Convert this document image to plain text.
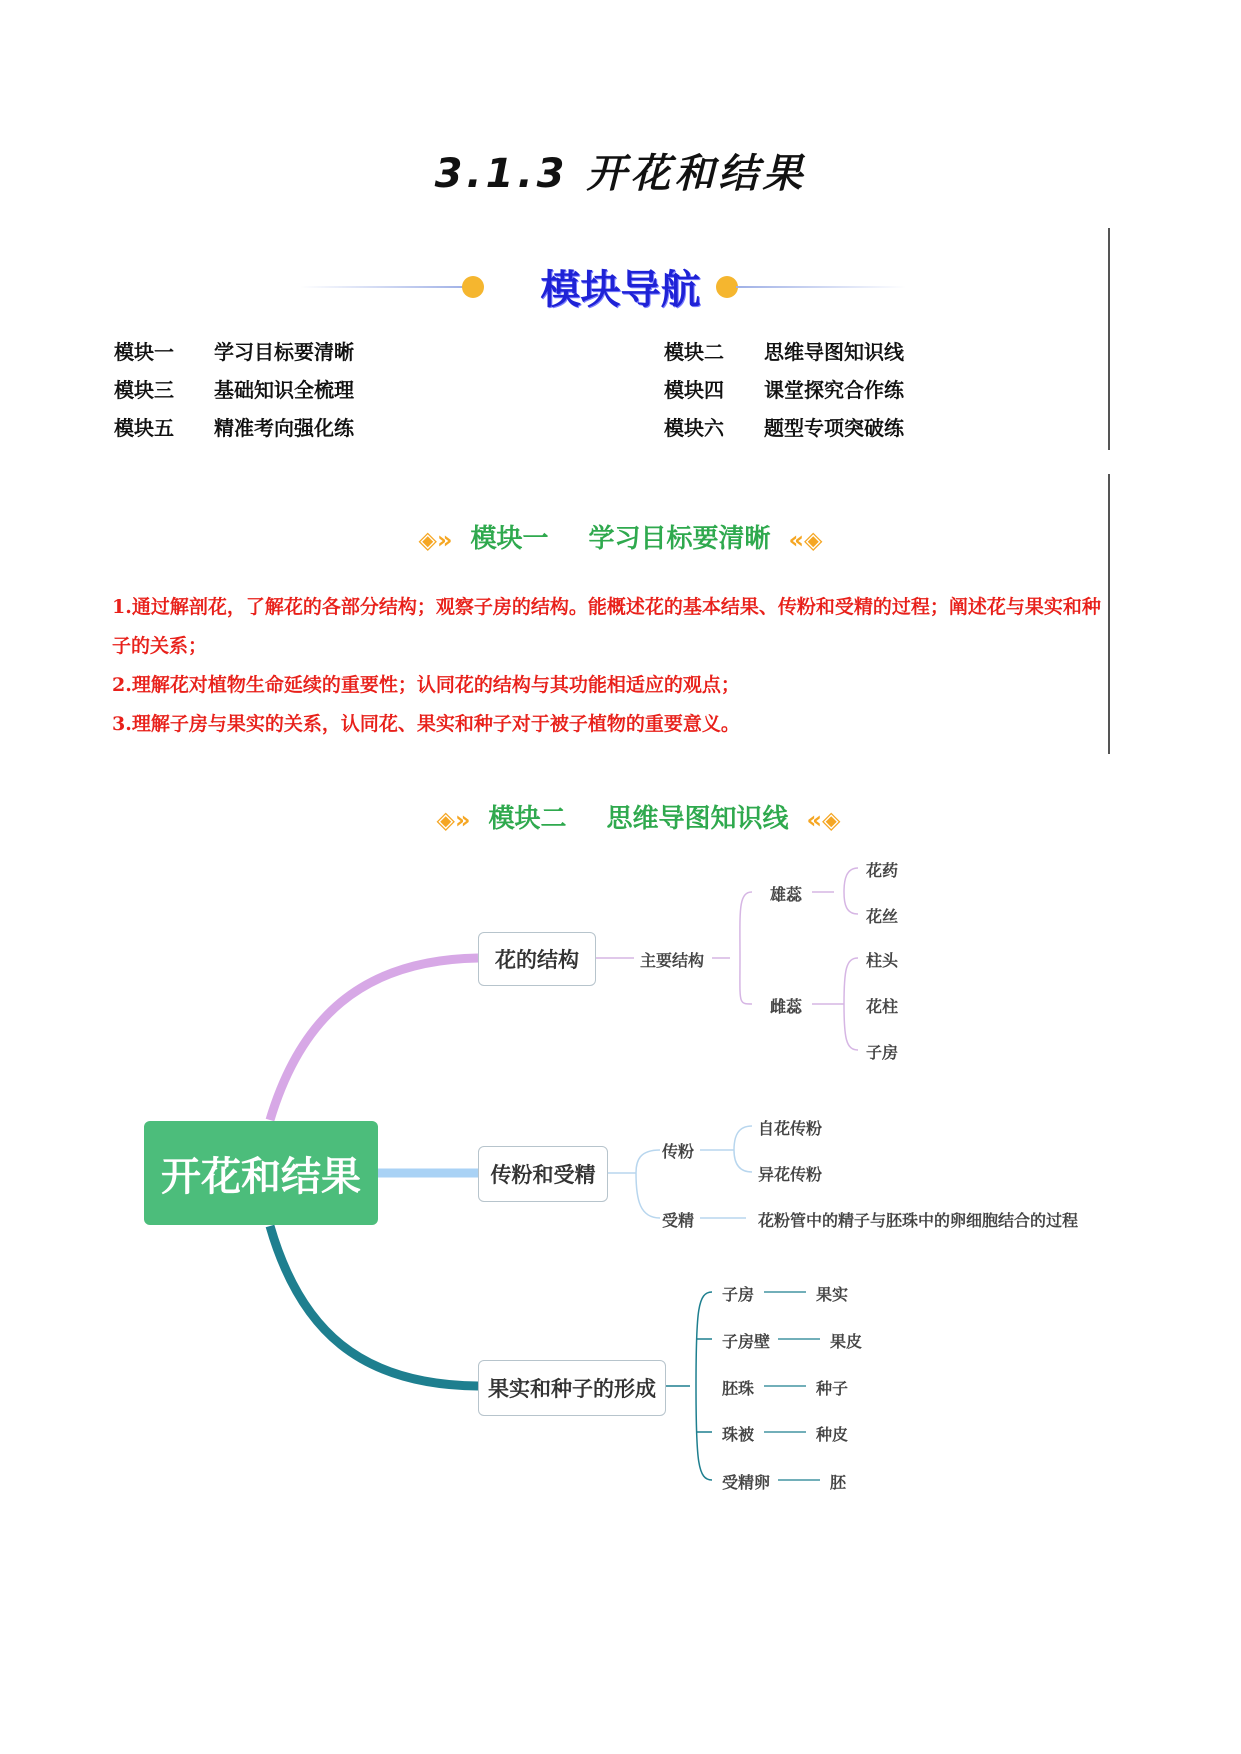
3.1.3 开花和结果
模块导航
模块一 学习目标要清晰	模块二 思维导图知识线
模块三 基础知识全梳理	模块四 课堂探究合作练
模块五 精准考向强化练	模块六 题型专项突破练
◈» 模块一 学习目标要清晰 «◈

1.通过解剖花，了解花的各部分结构；观察子房的结构。能概述花的基本结果、传粉和受精的过程；阐述花与果实和种子的关系；

2.理解花对植物生命延续的重要性；认同花的结构与其功能相适应的观点；

3.理解子房与果实的关系，认同花、果实和种子对于被子植物的重要意义。

◈» 模块二 思维导图知识线 «◈
开花和结果
花的结构
传粉和受精
果实和种子的形成
主要结构
雄蕊
花药
花丝
雌蕊
柱头
花柱
子房
传粉
自花传粉
异花传粉
受精	花粉管中的精子与胚珠中的卵细胞结合的过程
子房	果实
子房壁	果皮
胚珠	种子
珠被	种皮
受精卵	胚
